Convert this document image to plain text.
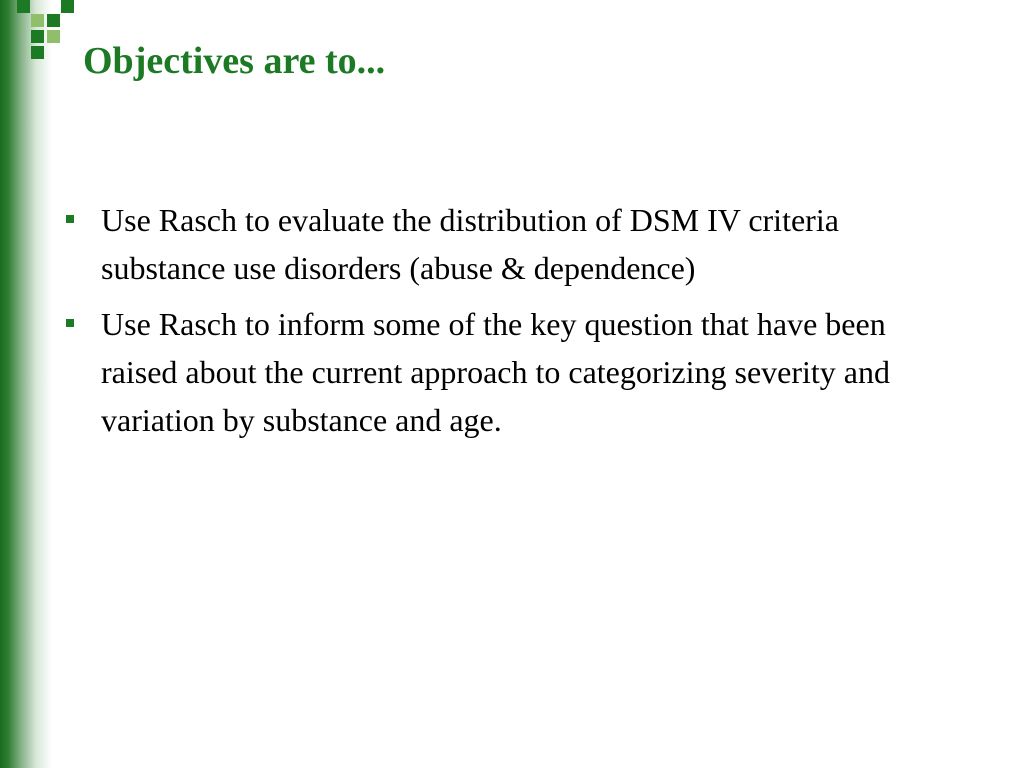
Objectives are to...
Use Rasch to evaluate the distribution of DSM IV criteria substance use disorders (abuse & dependence)
Use Rasch to inform some of the key question that have been raised about the current approach to categorizing severity and variation by substance and age.
